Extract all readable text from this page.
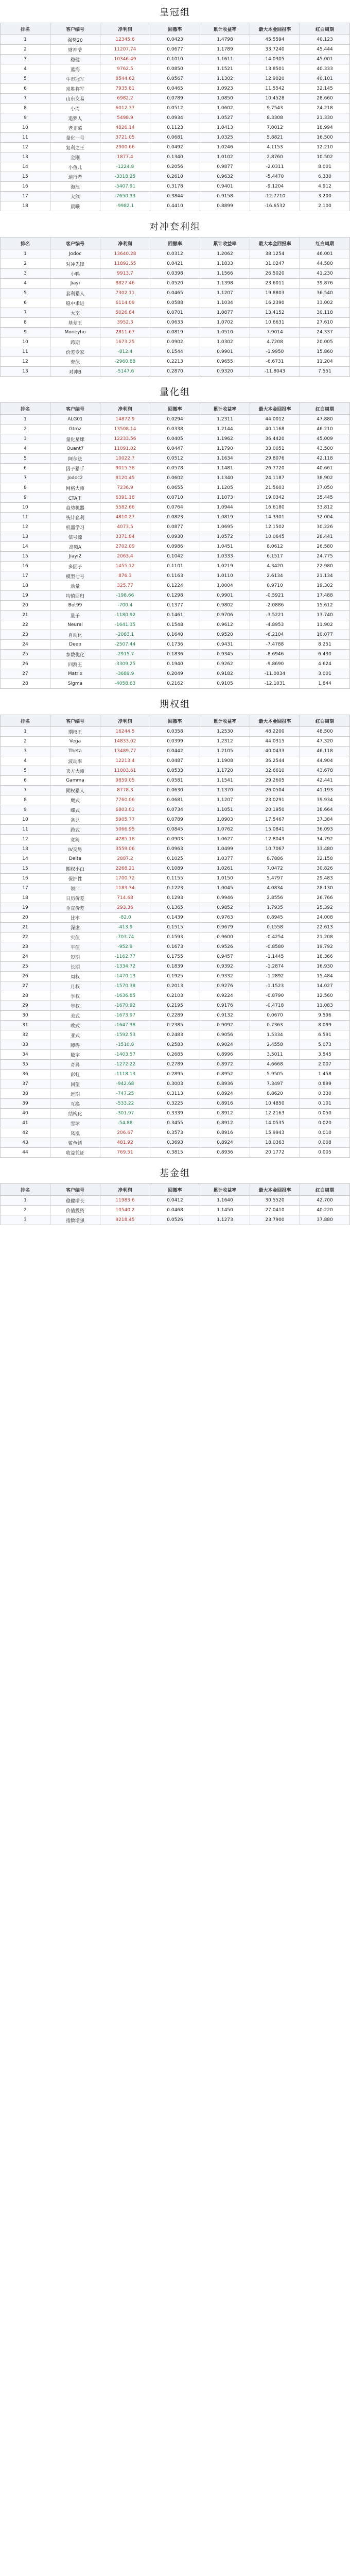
皇冠组
排名	客户编号	净利润	回撤率	累计收益率	最大本金回报率	红白周期
1	强势20	12345.6	0.0423	1.4798	45.5594	40.123
2	财神爷	11207.74	0.0677	1.1789	33.7240	45.444
3	稳健	10346.49	0.1010	1.1611	14.0305	45.001
4	蓝海	9762.5	0.0850	1.1521	13.8501	40.333
5	牛市冠军	8544.62	0.0567	1.1302	12.9020	40.101
6	常胜将军	7935.81	0.0465	1.0923	11.5542	32.145
7	山东交易	6982.2	0.0789	1.0850	10.4528	28.660
8	小周	6012.37	0.0512	1.0602	9.7543	24.218
9	追梦人	5498.9	0.0934	1.0527	8.3308	21.330
10	老韭菜	4826.14	0.1123	1.0413	7.0012	18.994
11	量化一号	3721.05	0.0681	1.0325	5.8821	16.500
12	复利之王	2900.66	0.0492	1.0246	4.1153	12.210
13	金刚	1877.4	0.1340	1.0102	2.8760	10.502
14	小鱼儿	-1224.8	0.2056	0.9877	-2.0311	8.001
15	逆行者	-3318.25	0.2610	0.9632	-5.4470	6.330
16	海浪	-5407.91	0.3178	0.9401	-9.1204	4.912
17	大熊	-7650.33	0.3844	0.9158	-12.7710	3.200
18	晨曦	-9982.1	0.4410	0.8899	-16.6532	2.100
对冲套利组
排名	客户编号	净利润	回撤率	累计收益率	最大本金回报率	红白周期
1	Jodoc	13640.28	0.0312	1.2062	38.1254	46.001
2	对冲先锋	11892.55	0.0421	1.1833	31.0247	44.580
3	小鸭	9913.7	0.0398	1.1566	26.5020	41.230
4	Jiayi	8827.46	0.0520	1.1398	23.6011	39.876
5	套利猎人	7302.11	0.0465	1.1207	19.8803	36.540
6	稳中求进	6114.09	0.0588	1.1034	16.2390	33.002
7	大宗	5026.84	0.0701	1.0877	13.4152	30.118
8	基差王	3952.3	0.0633	1.0702	10.6631	27.610
9	Moneyho	2811.67	0.0819	1.0510	7.9014	24.337
10	跨期	1673.25	0.0902	1.0302	4.7208	20.005
11	价差专家	-812.4	0.1544	0.9901	-1.9950	15.860
12	套保	-2960.88	0.2213	0.9655	-6.6731	11.204
13	对冲B	-5147.6	0.2870	0.9320	-11.8043	7.551
量化组
排名	客户编号	净利润	回撤率	累计收益率	最大本金回报率	红白周期
1	ALG01	14872.9	0.0294	1.2311	44.0012	47.880
2	Gtmz	13508.14	0.0338	1.2144	40.1168	46.210
3	量化星球	12233.56	0.0405	1.1962	36.4420	45.009
4	Quant7	11091.02	0.0447	1.1790	33.0051	43.500
5	阿尔法	10022.7	0.0512	1.1634	29.8076	42.118
6	因子猎手	9015.38	0.0578	1.1481	26.7720	40.661
7	Jodoc2	8120.45	0.0602	1.1340	24.1187	38.902
8	网格大师	7236.9	0.0655	1.1205	21.5603	37.050
9	CTA王	6391.18	0.0710	1.1073	19.0342	35.445
10	趋势机器	5582.66	0.0764	1.0944	16.6180	33.812
11	统计套利	4810.27	0.0823	1.0819	14.3301	32.004
12	机器学习	4073.5	0.0877	1.0695	12.1502	30.226
13	信号源	3371.84	0.0930	1.0572	10.0645	28.441
14	高频A	2702.09	0.0986	1.0451	8.0612	26.580
15	Jiayi2	2063.4	0.1042	1.0333	6.1517	24.775
16	多因子	1455.12	0.1101	1.0219	4.3420	22.980
17	模型七号	876.3	0.1163	1.0110	2.6134	21.134
18	动量	325.77	0.1224	1.0004	0.9710	19.302
19	均值回归	-198.66	0.1298	0.9901	-0.5921	17.488
20	Bot99	-700.4	0.1377	0.9802	-2.0886	15.612
21	量子	-1180.92	0.1461	0.9706	-3.5221	13.740
22	Neural	-1641.35	0.1548	0.9612	-4.8953	11.902
23	自动化	-2083.1	0.1640	0.9520	-6.2104	10.077
24	Deep	-2507.44	0.1736	0.9431	-7.4788	8.251
25	参数优化	-2915.7	0.1836	0.9345	-8.6946	6.430
26	回测王	-3309.25	0.1940	0.9262	-9.8690	4.624
27	Matrix	-3689.9	0.2049	0.9182	-11.0034	3.001
28	Sigma	-4058.63	0.2162	0.9105	-12.1031	1.844
期权组
排名	客户编号	净利润	回撤率	累计收益率	最大本金回报率	红白周期
1	期权王	16244.5	0.0358	1.2530	48.2200	48.500
2	Vega	14833.02	0.0399	1.2312	44.0315	47.320
3	Theta	13489.77	0.0442	1.2105	40.0433	46.118
4	波动率	12213.4	0.0487	1.1908	36.2544	44.904
5	卖方大师	11003.61	0.0533	1.1720	32.6610	43.678
6	Gamma	9859.05	0.0581	1.1541	29.2605	42.441
7	期权猎人	8778.3	0.0630	1.1370	26.0504	41.193
8	鹰式	7760.06	0.0681	1.1207	23.0291	39.934
9	蝶式	6803.01	0.0734	1.1051	20.1950	38.664
10	备兑	5905.77	0.0789	1.0903	17.5467	37.384
11	跨式	5066.95	0.0845	1.0762	15.0841	36.093
12	宽跨	4285.18	0.0903	1.0627	12.8043	34.792
13	IV交易	3559.06	0.0963	1.0499	10.7067	33.480
14	Delta	2887.2	0.1025	1.0377	8.7886	32.158
15	期权小白	2268.21	0.1089	1.0261	7.0472	30.826
16	保护性	1700.72	0.1155	1.0150	5.4797	29.483
17	领口	1183.34	0.1223	1.0045	4.0834	28.130
18	日历价差	714.68	0.1293	0.9946	2.8556	26.766
19	垂直价差	293.36	0.1365	0.9852	1.7935	25.392
20	比率	-82.0	0.1439	0.9763	0.8945	24.008
21	深虚	-413.9	0.1515	0.9679	0.1558	22.613
22	实值	-703.74	0.1593	0.9600	-0.4254	21.208
23	平值	-952.9	0.1673	0.9526	-0.8580	19.792
24	短期	-1162.77	0.1755	0.9457	-1.1445	18.366
25	长期	-1334.72	0.1839	0.9392	-1.2874	16.930
26	周权	-1470.13	0.1925	0.9332	-1.2892	15.484
27	月权	-1570.38	0.2013	0.9276	-1.1523	14.027
28	季权	-1636.85	0.2103	0.9224	-0.8790	12.560
29	年权	-1670.92	0.2195	0.9176	-0.4718	11.083
30	美式	-1673.97	0.2289	0.9132	0.0670	9.596
31	欧式	-1647.38	0.2385	0.9092	0.7363	8.099
32	亚式	-1592.53	0.2483	0.9056	1.5334	6.591
33	障碍	-1510.8	0.2583	0.9024	2.4558	5.073
34	数字	-1403.57	0.2685	0.8996	3.5011	3.545
35	奇异	-1272.22	0.2789	0.8972	4.6668	2.007
36	彩虹	-1118.13	0.2895	0.8952	5.9505	1.458
37	回望	-942.68	0.3003	0.8936	7.3497	0.899
38	远期	-747.25	0.3113	0.8924	8.8620	0.330
39	互换	-533.22	0.3225	0.8916	10.4850	0.101
40	结构化	-301.97	0.3339	0.8912	12.2163	0.050
41	雪球	-54.88	0.3455	0.8912	14.0535	0.020
42	凤凰	206.67	0.3573	0.8916	15.9943	0.010
43	鲨鱼鳍	481.92	0.3693	0.8924	18.0363	0.008
44	收益凭证	769.51	0.3815	0.8936	20.1772	0.005
基金组
排名	客户编号	净利润	回撤率	累计收益率	最大本金回报率	红白周期
1	稳健增长	11983.6	0.0412	1.1640	30.5520	42.700
2	价值投资	10540.2	0.0468	1.1450	27.0410	40.220
3	指数增强	9218.45	0.0526	1.1273	23.7900	37.880
